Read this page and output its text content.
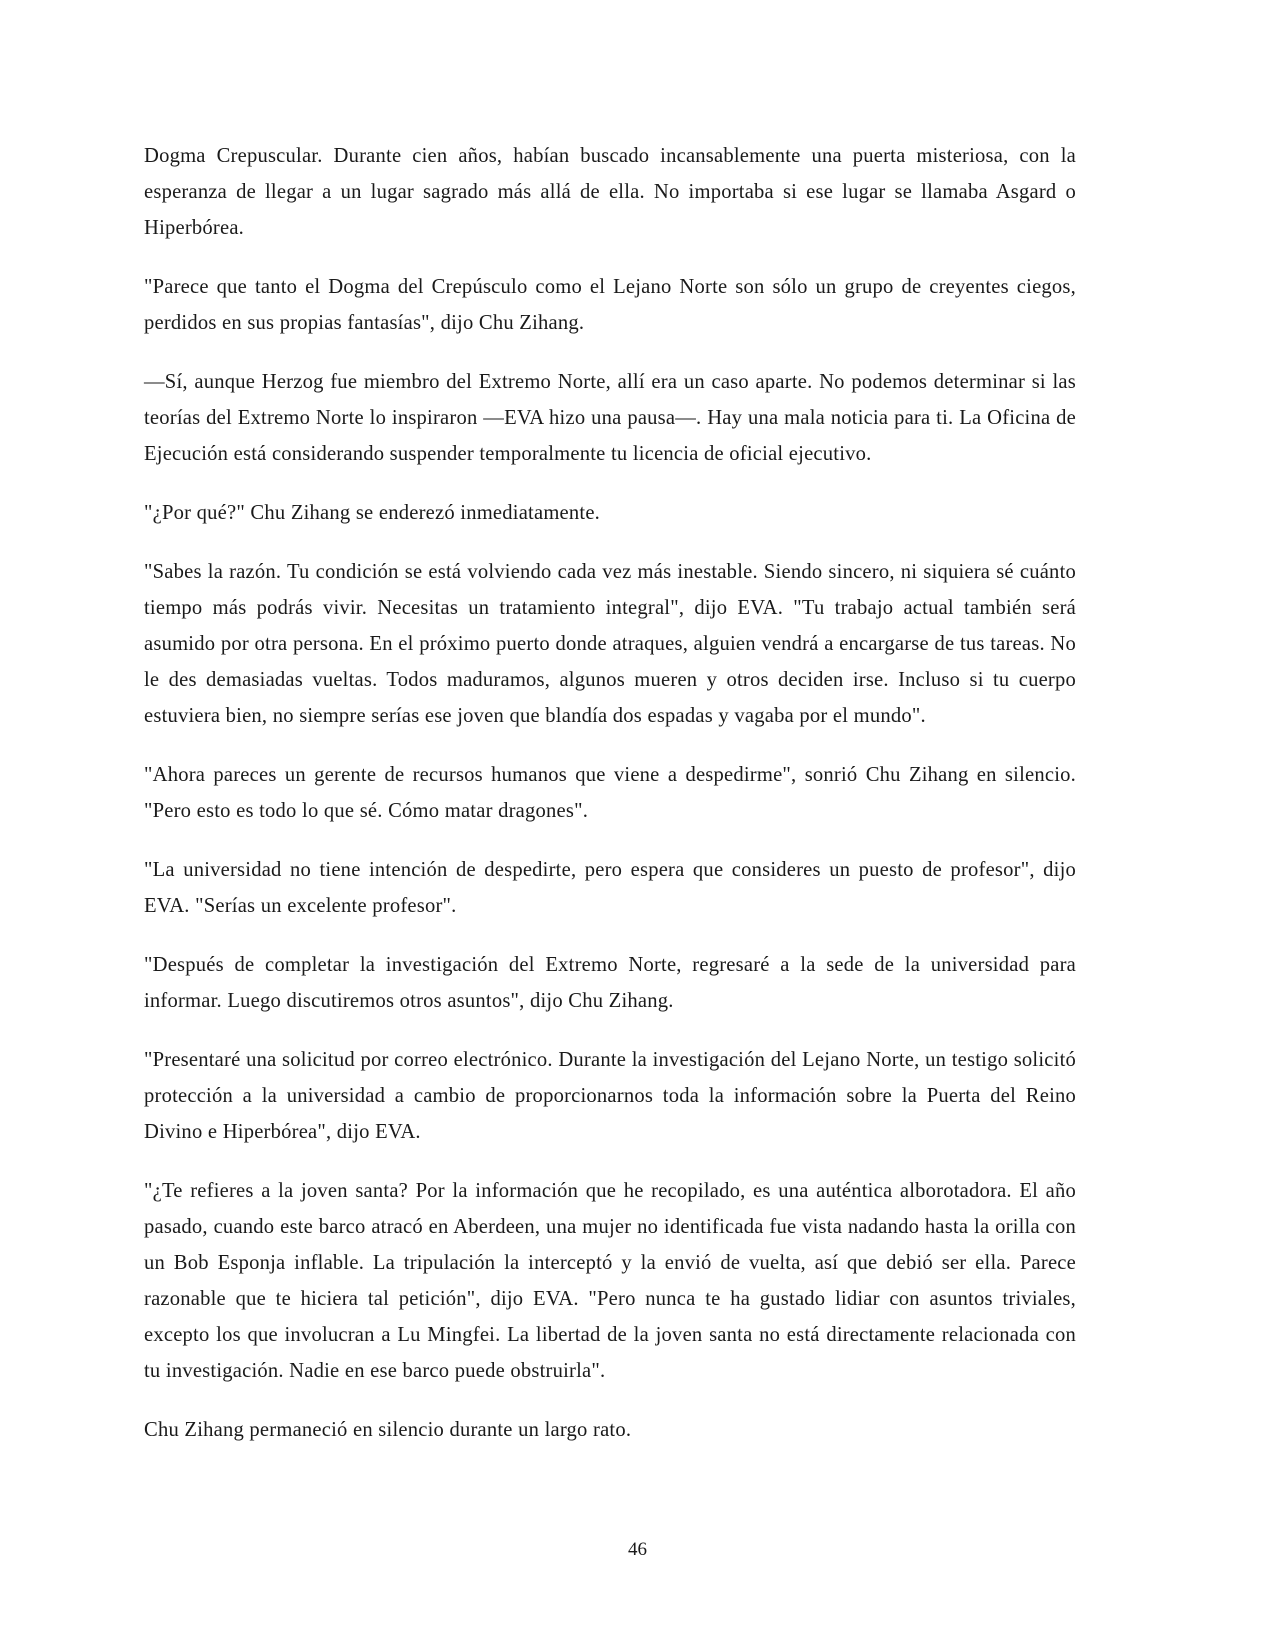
Dogma Crepuscular. Durante cien años, habían buscado incansablemente una puerta misteriosa, con la esperanza de llegar a un lugar sagrado más allá de ella. No importaba si ese lugar se llamaba Asgard o Hiperbórea.

"Parece que tanto el Dogma del Crepúsculo como el Lejano Norte son sólo un grupo de creyentes ciegos, perdidos en sus propias fantasías", dijo Chu Zihang.

—Sí, aunque Herzog fue miembro del Extremo Norte, allí era un caso aparte. No podemos determinar si las teorías del Extremo Norte lo inspiraron —EVA hizo una pausa—. Hay una mala noticia para ti. La Oficina de Ejecución está considerando suspender temporalmente tu licencia de oficial ejecutivo.

"¿Por qué?" Chu Zihang se enderezó inmediatamente.

"Sabes la razón. Tu condición se está volviendo cada vez más inestable. Siendo sincero, ni siquiera sé cuánto tiempo más podrás vivir. Necesitas un tratamiento integral", dijo EVA. "Tu trabajo actual también será asumido por otra persona. En el próximo puerto donde atraques, alguien vendrá a encargarse de tus tareas. No le des demasiadas vueltas. Todos maduramos, algunos mueren y otros deciden irse. Incluso si tu cuerpo estuviera bien, no siempre serías ese joven que blandía dos espadas y vagaba por el mundo".

"Ahora pareces un gerente de recursos humanos que viene a despedirme", sonrió Chu Zihang en silencio. "Pero esto es todo lo que sé. Cómo matar dragones".

"La universidad no tiene intención de despedirte, pero espera que consideres un puesto de profesor", dijo EVA. "Serías un excelente profesor".

"Después de completar la investigación del Extremo Norte, regresaré a la sede de la universidad para informar. Luego discutiremos otros asuntos", dijo Chu Zihang.

"Presentaré una solicitud por correo electrónico. Durante la investigación del Lejano Norte, un testigo solicitó protección a la universidad a cambio de proporcionarnos toda la información sobre la Puerta del Reino Divino e Hiperbórea", dijo EVA.

"¿Te refieres a la joven santa? Por la información que he recopilado, es una auténtica alborotadora. El año pasado, cuando este barco atracó en Aberdeen, una mujer no identificada fue vista nadando hasta la orilla con un Bob Esponja inflable. La tripulación la interceptó y la envió de vuelta, así que debió ser ella. Parece razonable que te hiciera tal petición", dijo EVA. "Pero nunca te ha gustado lidiar con asuntos triviales, excepto los que involucran a Lu Mingfei. La libertad de la joven santa no está directamente relacionada con tu investigación. Nadie en ese barco puede obstruirla".

Chu Zihang permaneció en silencio durante un largo rato.

46
